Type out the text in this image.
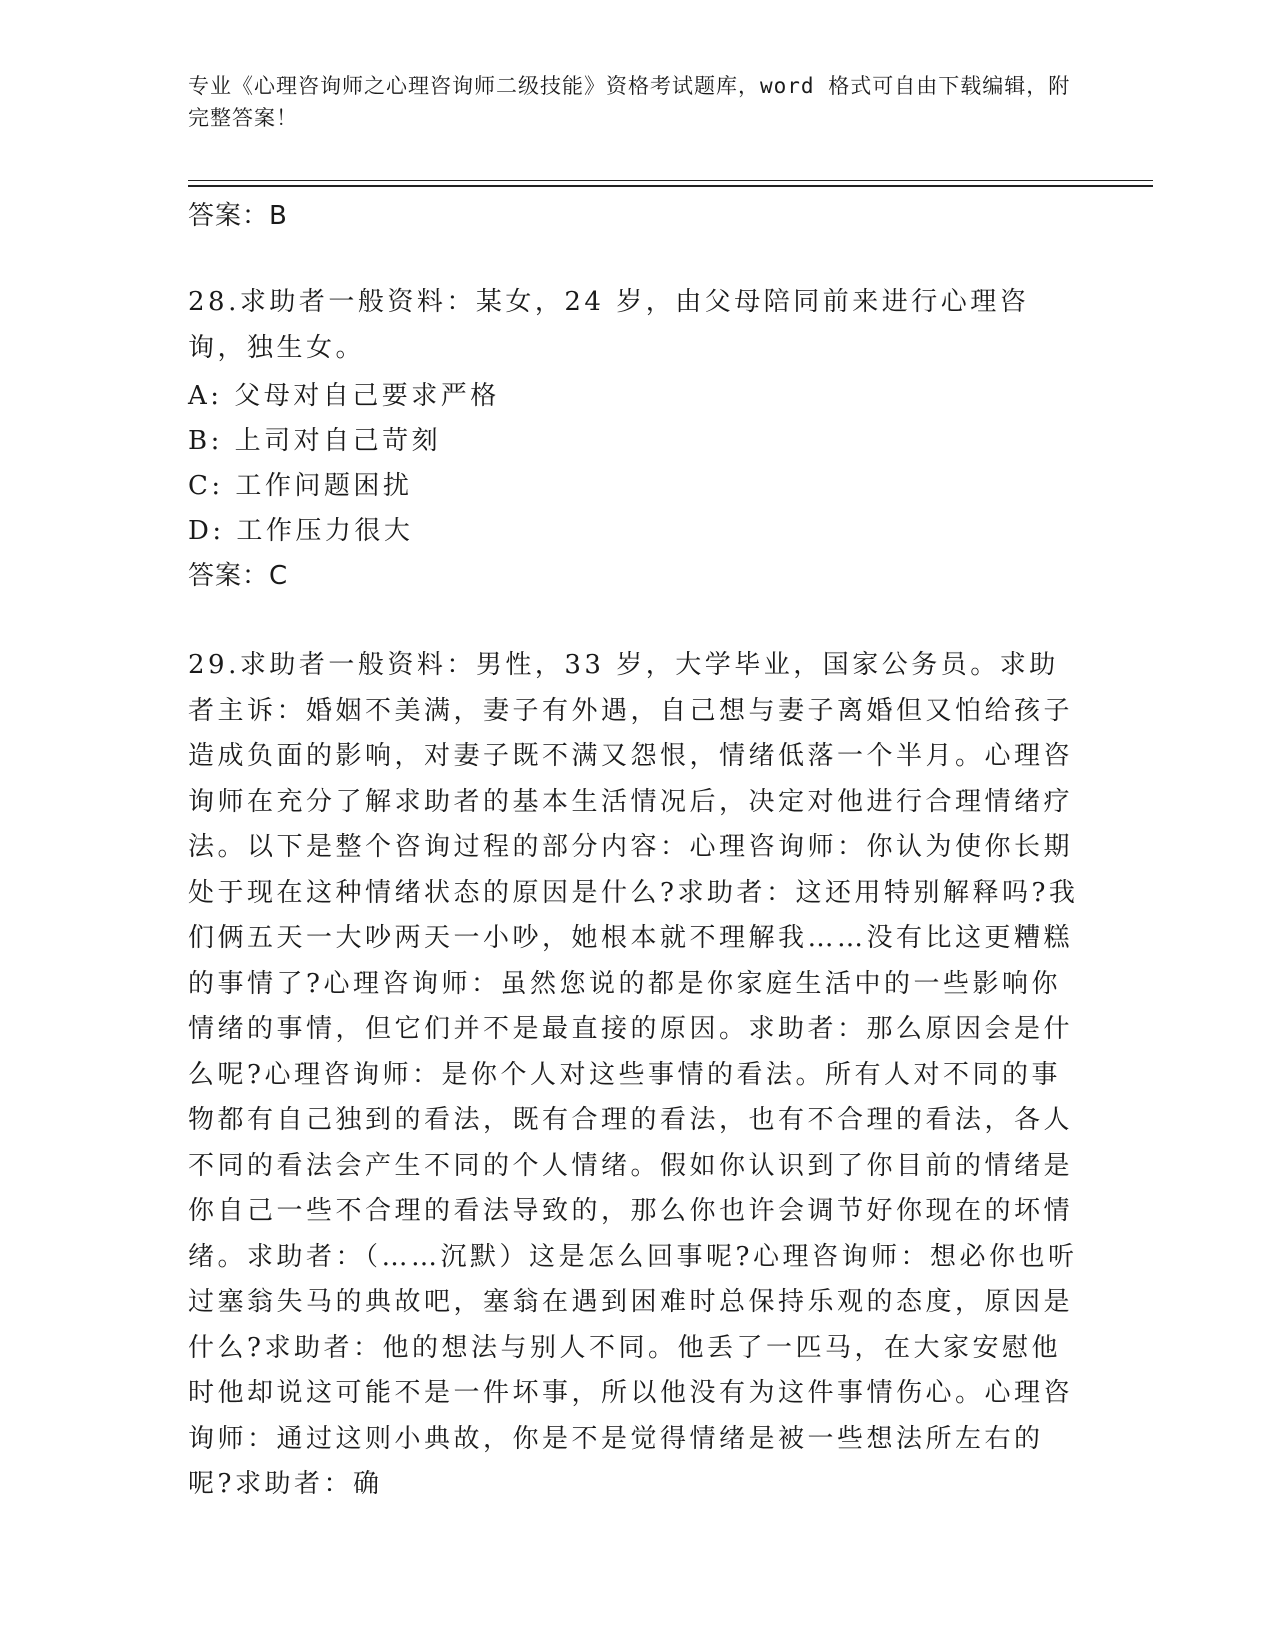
专业《心理咨询师之心理咨询师二级技能》资格考试题库，word 格式可自由下载编辑，附完整答案！

答案：B

28.求助者一般资料：某女，24 岁，由父母陪同前来进行心理咨询，独生女。

A: 父母对自己要求严格
B: 上司对自己苛刻
C: 工作问题困扰
D: 工作压力很大
答案：C

29.求助者一般资料：男性，33 岁，大学毕业，国家公务员。求助者主诉：婚姻不美满，妻子有外遇，自己想与妻子离婚但又怕给孩子造成负面的影响，对妻子既不满又怨恨，情绪低落一个半月。心理咨询师在充分了解求助者的基本生活情况后，决定对他进行合理情绪疗法。以下是整个咨询过程的部分内容：心理咨询师：你认为使你长期处于现在这种情绪状态的原因是什么?求助者：这还用特别解释吗?我们俩五天一大吵两天一小吵，她根本就不理解我……没有比这更糟糕的事情了?心理咨询师：虽然您说的都是你家庭生活中的一些影响你情绪的事情，但它们并不是最直接的原因。求助者：那么原因会是什么呢?心理咨询师：是你个人对这些事情的看法。所有人对不同的事物都有自己独到的看法，既有合理的看法，也有不合理的看法，各人不同的看法会产生不同的个人情绪。假如你认识到了你目前的情绪是你自己一些不合理的看法导致的，那么你也许会调节好你现在的坏情绪。求助者：（……沉默）这是怎么回事呢?心理咨询师：想必你也听过塞翁失马的典故吧，塞翁在遇到困难时总保持乐观的态度，原因是什么?求助者：他的想法与别人不同。他丢了一匹马，在大家安慰他时他却说这可能不是一件坏事，所以他没有为这件事情伤心。心理咨询师：通过这则小典故，你是不是觉得情绪是被一些想法所左右的呢?求助者：确
